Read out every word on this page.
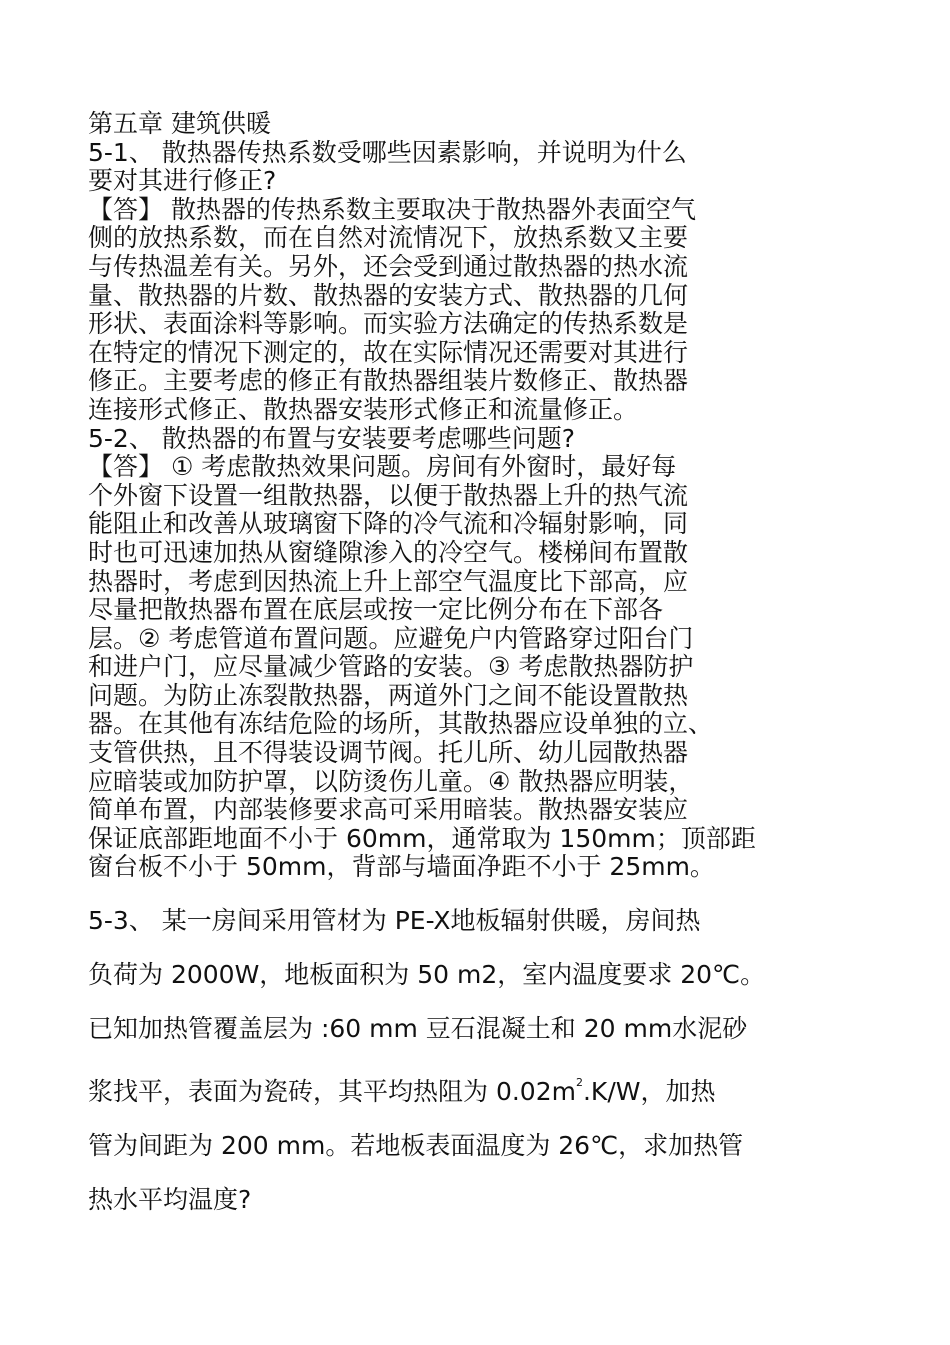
第五章 建筑供暖

5-1、 散热器传热系数受哪些因素影响，并说明为什么

要对其进行修正?

【答】 散热器的传热系数主要取决于散热器外表面空气

侧的放热系数，而在自然对流情况下，放热系数又主要

与传热温差有关。另外，还会受到通过散热器的热水流

量、散热器的片数、散热器的安装方式、散热器的几何

形状、表面涂料等影响。而实验方法确定的传热系数是

在特定的情况下测定的，故在实际情况还需要对其进行

修正。主要考虑的修正有散热器组装片数修正、散热器

连接形式修正、散热器安装形式修正和流量修正。

5-2、 散热器的布置与安装要考虑哪些问题?

【答】 ① 考虑散热效果问题。房间有外窗时，最好每

个外窗下设置一组散热器，以便于散热器上升的热气流

能阻止和改善从玻璃窗下降的冷气流和冷辐射影响，同

时也可迅速加热从窗缝隙渗入的冷空气。楼梯间布置散

热器时，考虑到因热流上升上部空气温度比下部高，应

尽量把散热器布置在底层或按一定比例分布在下部各

层。② 考虑管道布置问题。应避免户内管路穿过阳台门

和进户门，应尽量减少管路的安装。③ 考虑散热器防护

问题。为防止冻裂散热器，两道外门之间不能设置散热

器。在其他有冻结危险的场所，其散热器应设单独的立、

支管供热，且不得装设调节阀。托儿所、幼儿园散热器

应暗装或加防护罩，以防烫伤儿童。④ 散热器应明装，

简单布置，内部装修要求高可采用暗装。散热器安装应

保证底部距地面不小于 60mm，通常取为 150mm；顶部距

窗台板不小于 50mm，背部与墙面净距不小于 25mm。

5-3、 某一房间采用管材为 PE-X地板辐射供暖，房间热

负荷为 2000W，地板面积为 50 m2，室内温度要求 20℃。

已知加热管覆盖层为 :60 mm 豆石混凝土和 20 mm水泥砂

浆找平，表面为瓷砖，其平均热阻为 $0.02m^2.K/W$，加热

管为间距为 200 mm。若地板表面温度为 26℃，求加热管

热水平均温度?
